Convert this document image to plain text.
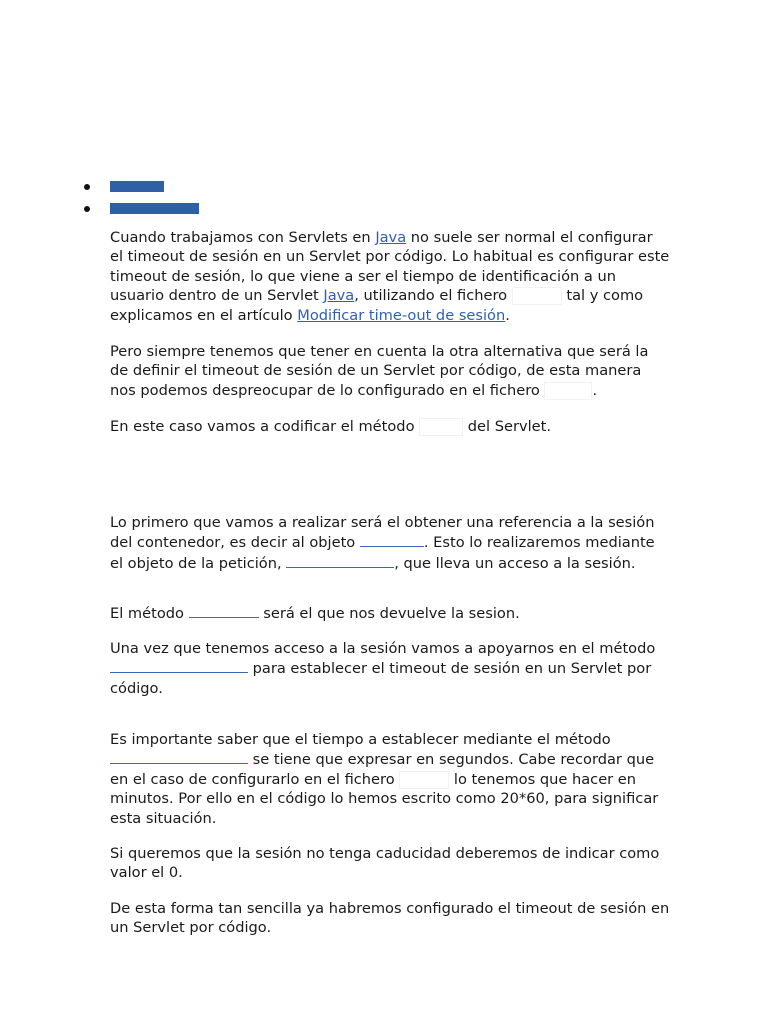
Cuando trabajamos con Servlets en Java no suele ser normal el configurar el timeout de sesión en un Servlet por código. Lo habitual es configurar este timeout de sesión, lo que viene a ser el tiempo de identificación a un usuario dentro de un Servlet Java, utilizando el fichero	tal y como explicamos en el artículo Modificar time-out de sesión.

Pero siempre tenemos que tener en cuenta la otra alternativa que será la de definir el timeout de sesión de un Servlet por código, de esta manera nos podemos despreocupar de lo configurado en el fichero	.

En este caso vamos a codificar el método	del Servlet.

Lo primero que vamos a realizar será el obtener una referencia a la sesión del contenedor, es decir al objeto	. Esto lo realizaremos mediante el objeto de la petición,	, que lleva un acceso a la sesión.

El método	será el que nos devuelve la sesion.

Una vez que tenemos acceso a la sesión vamos a apoyarnos en el método  para establecer el timeout de sesión en un Servlet por código.

Es importante saber que el tiempo a establecer mediante el método  se tiene que expresar en segundos. Cabe recordar que en el caso de configurarlo en el fichero	lo tenemos que hacer en minutos. Por ello en el código lo hemos escrito como 20*60, para significar esta situación.

Si queremos que la sesión no tenga caducidad deberemos de indicar como valor el 0.

De esta forma tan sencilla ya habremos configurado el timeout de sesión en un Servlet por código.
